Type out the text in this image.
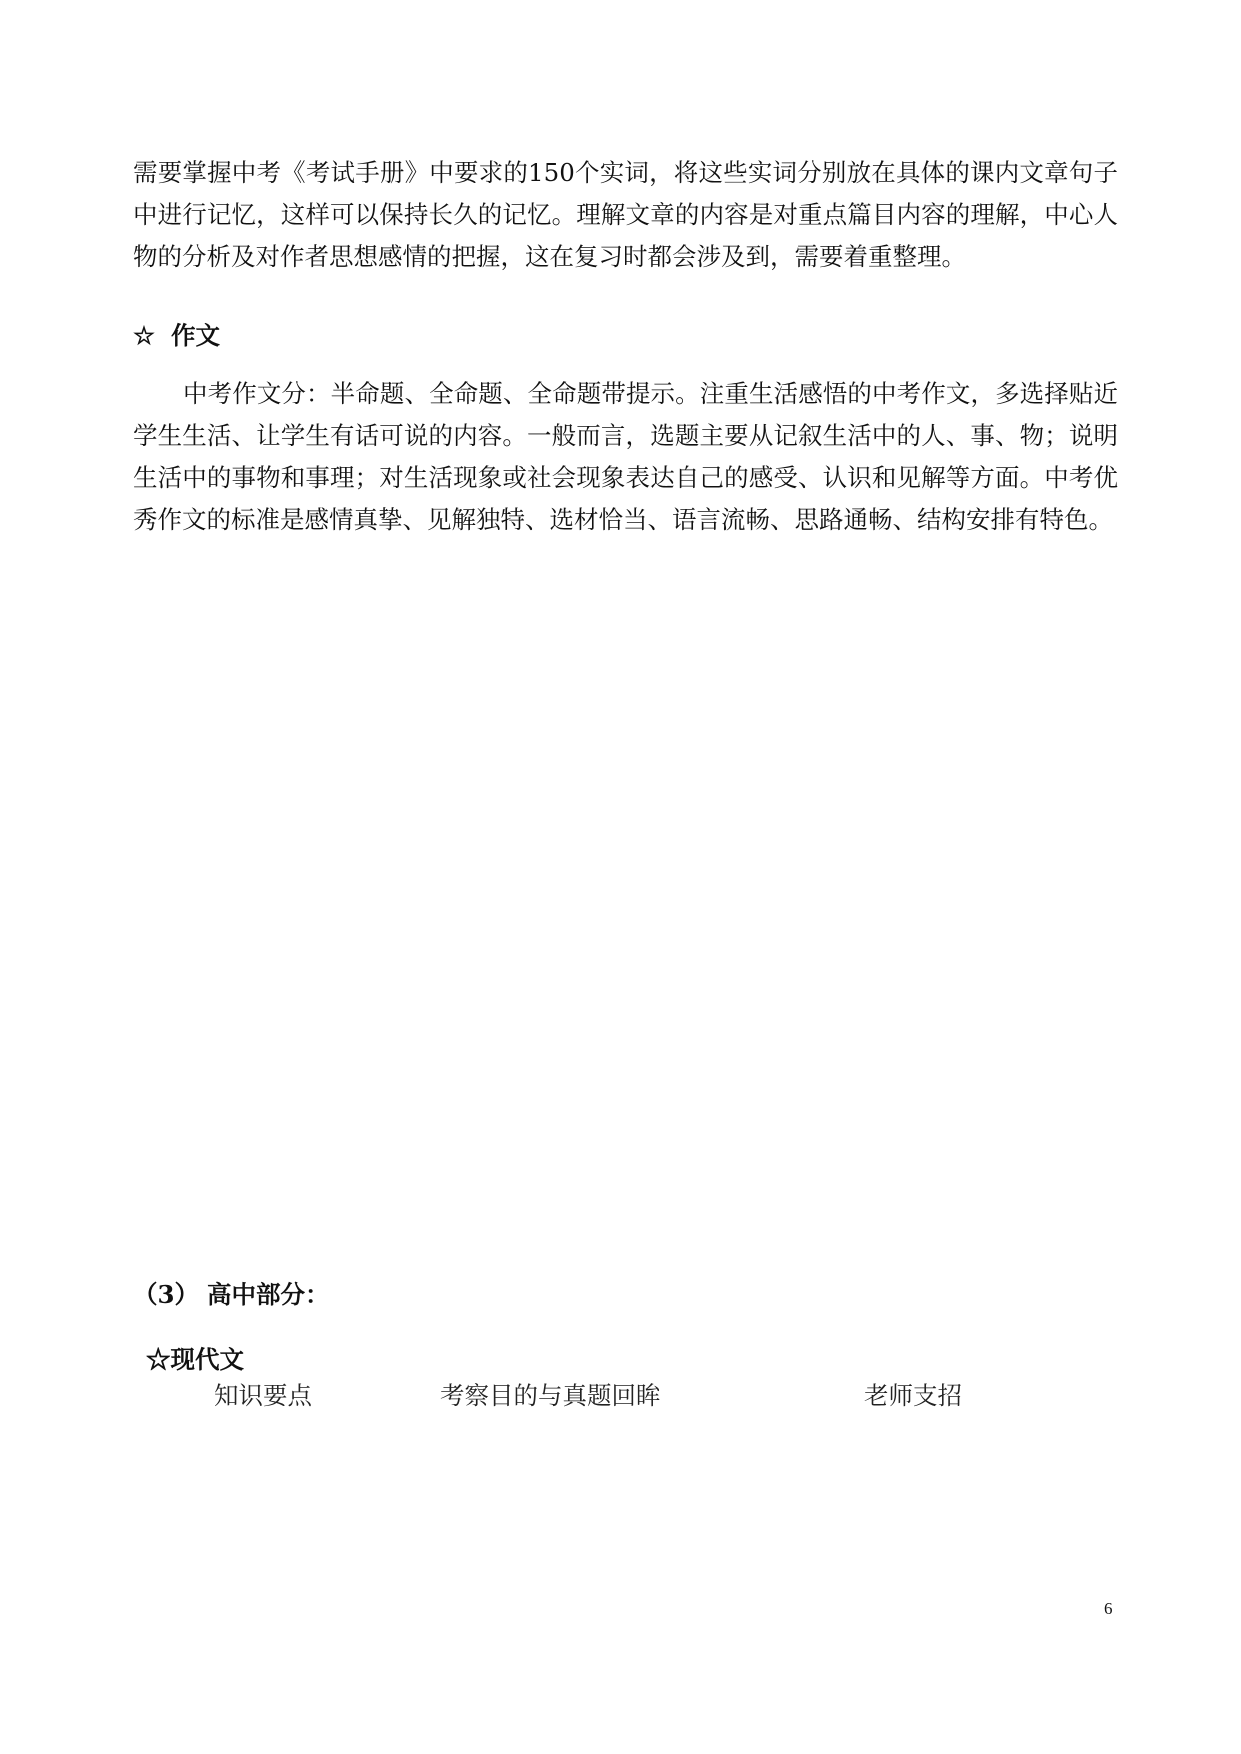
需要掌握中考《考试手册》中要求的150个实词，将这些实词分别放在具体的课内文章句子中进行记忆，这样可以保持长久的记忆。理解文章的内容是对重点篇目内容的理解，中心人物的分析及对作者思想感情的把握，这在复习时都会涉及到，需要着重整理。
☆ 作文
中考作文分：半命题、全命题、全命题带提示。注重生活感悟的中考作文，多选择贴近学生生活、让学生有话可说的内容。一般而言，选题主要从记叙生活中的人、事、物；说明生活中的事物和事理；对生活现象或社会现象表达自己的感受、认识和见解等方面。中考优秀作文的标准是感情真挚、见解独特、选材恰当、语言流畅、思路通畅、结构安排有特色。
（3） 高中部分：
☆现代文
知识要点	考察目的与真题回眸	老师支招
6
